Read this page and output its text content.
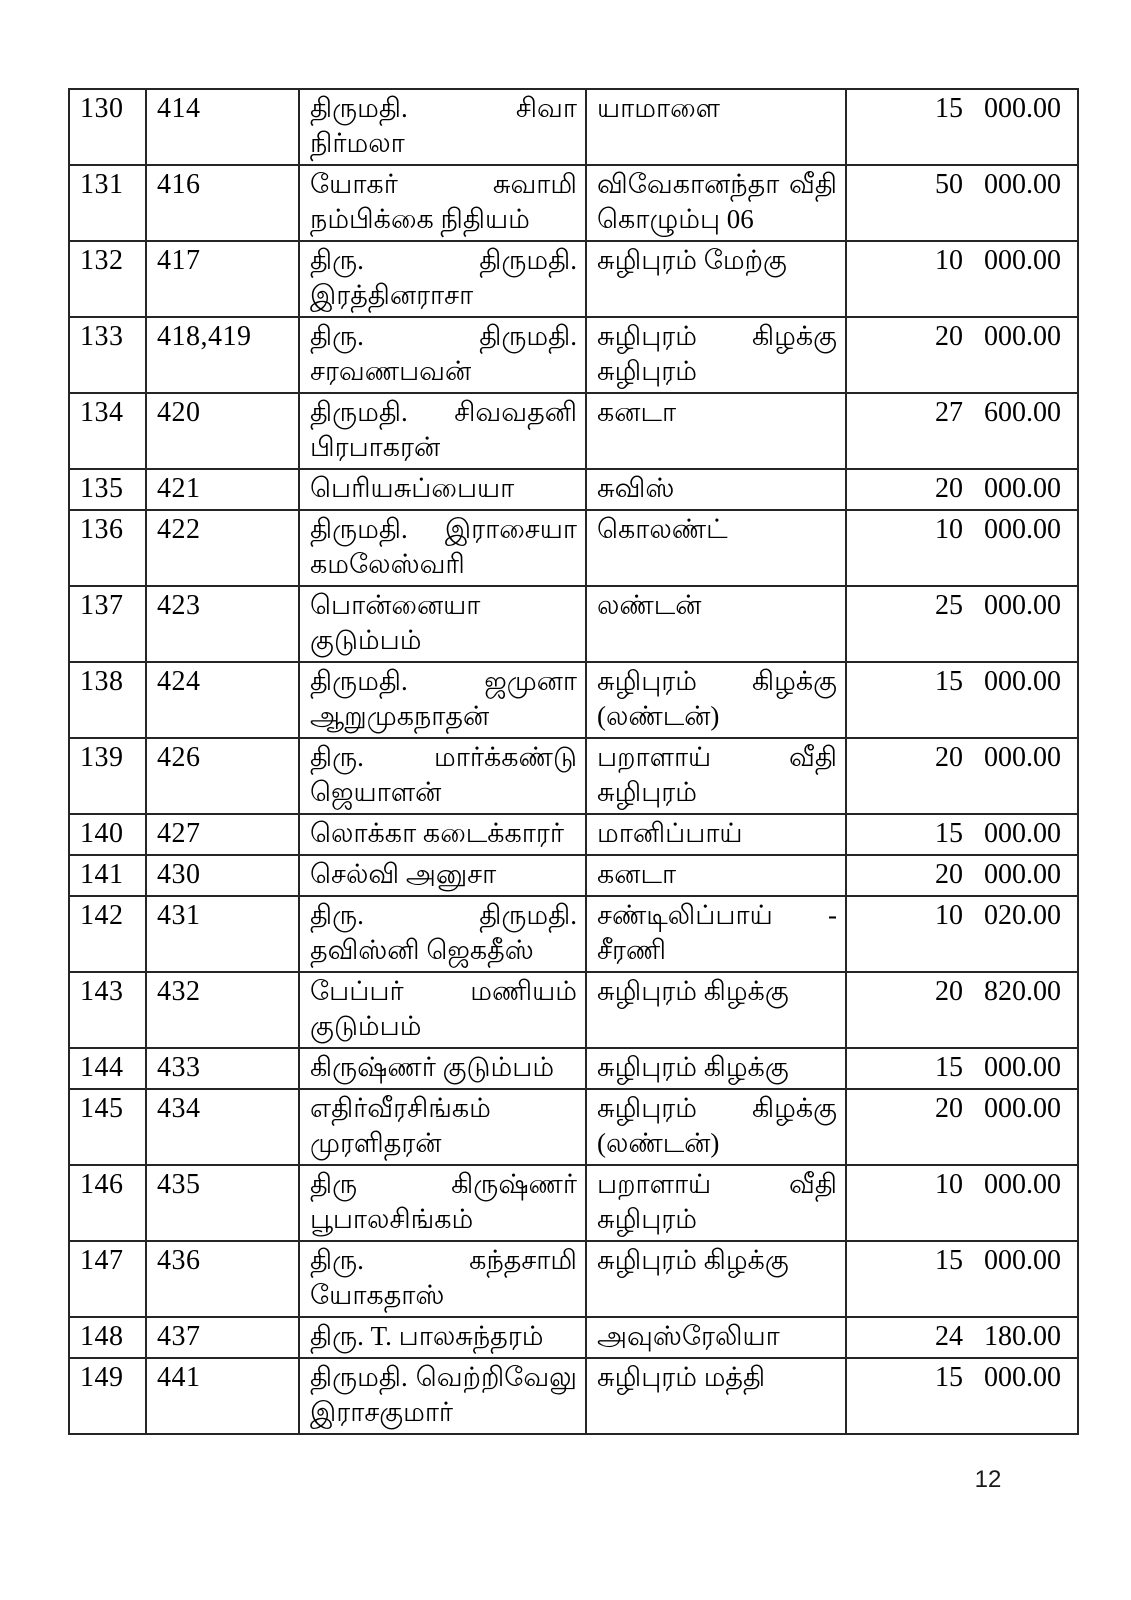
130	414	திருமதி. சிவா நிர்மலா	யாமாளை	15 000.00
131	416	யோகர் சுவாமி நம்பிக்கை நிதியம்	விவேகானந்தா வீதி கொழும்பு 06	50 000.00
132	417	திரு. திருமதி. இரத்தினராசா	சுழிபுரம் மேற்கு	10 000.00
133	418,419	திரு. திருமதி. சரவணபவன்	சுழிபுரம் கிழக்கு சுழிபுரம்	20 000.00
134	420	திருமதி. சிவவதனி பிரபாகரன்	கனடா	27 600.00
135	421	பெரியசுப்பையா	சுவிஸ்	20 000.00
136	422	திருமதி. இராசையா கமலேஸ்வரி	கொலண்ட்	10 000.00
137	423	பொன்னையா குடும்பம்	லண்டன்	25 000.00
138	424	திருமதி. ஜமுனா ஆறுமுகநாதன்	சுழிபுரம் கிழக்கு (லண்டன்)	15 000.00
139	426	திரு. மார்க்கண்டு ஜெயாளன்	பறாளாய் வீதி சுழிபுரம்	20 000.00
140	427	லொக்கா கடைக்காரர்	மானிப்பாய்	15 000.00
141	430	செல்வி அனுசா	கனடா	20 000.00
142	431	திரு. திருமதி. தவிஸ்னி ஜெகதீஸ்	சண்டிலிப்பாய் - சீரணி	10 020.00
143	432	பேப்பர் மணியம் குடும்பம்	சுழிபுரம் கிழக்கு	20 820.00
144	433	கிருஷ்ணர் குடும்பம்	சுழிபுரம் கிழக்கு	15 000.00
145	434	எதிர்வீரசிங்கம் முரளிதரன்	சுழிபுரம் கிழக்கு (லண்டன்)	20 000.00
146	435	திரு கிருஷ்ணர் பூபாலசிங்கம்	பறாளாய் வீதி சுழிபுரம்	10 000.00
147	436	திரு. கந்தசாமி யோகதாஸ்	சுழிபுரம் கிழக்கு	15 000.00
148	437	திரு. T. பாலசுந்தரம்	அவுஸ்ரேலியா	24 180.00
149	441	திருமதி. வெற்றிவேலு இராசகுமார்	சுழிபுரம் மத்தி	15 000.00
12
